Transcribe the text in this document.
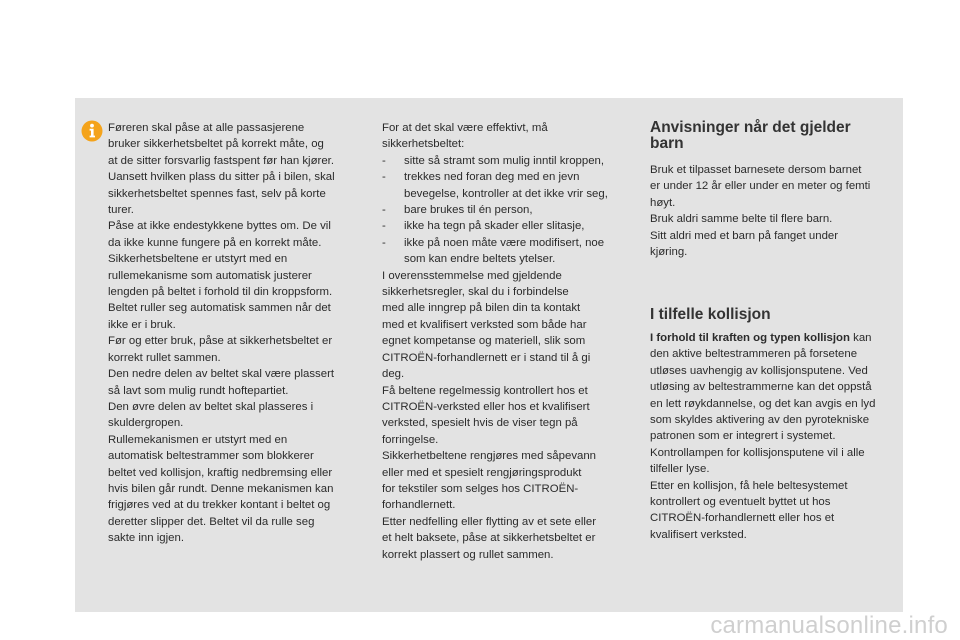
Føreren skal påse at alle passasjerene

bruker sikkerhetsbeltet på korrekt måte, og

at de sitter forsvarlig fastspent før han kjører.

Uansett hvilken plass du sitter på i bilen, skal

sikkerhetsbeltet spennes fast, selv på korte

turer.

Påse at ikke endestykkene byttes om. De vil

da ikke kunne fungere på en korrekt måte.

Sikkerhetsbeltene er utstyrt med en

rullemekanisme som automatisk justerer

lengden på beltet i forhold til din kroppsform.

Beltet ruller seg automatisk sammen når det

ikke er i bruk.

Før og etter bruk, påse at sikkerhetsbeltet er

korrekt rullet sammen.

Den nedre delen av beltet skal være plassert

så lavt som mulig rundt hoftepartiet.

Den øvre delen av beltet skal plasseres i

skuldergropen.

Rullemekanismen er utstyrt med en

automatisk beltestrammer som blokkerer

beltet ved kollisjon, kraftig nedbremsing eller

hvis bilen går rundt. Denne mekanismen kan

frigjøres ved at du trekker kontant i beltet og

deretter slipper det. Beltet vil da rulle seg

sakte inn igjen.

For at det skal være effektivt, må

sikkerhetsbeltet:

- sitte så stramt som mulig inntil kroppen,

- trekkes ned foran deg med en jevn

bevegelse, kontroller at det ikke vrir seg,

- bare brukes til én person,

- ikke ha tegn på skader eller slitasje,

- ikke på noen måte være modifisert, noe

som kan endre beltets ytelser.

I overensstemmelse med gjeldende

sikkerhetsregler, skal du i forbindelse

med alle inngrep på bilen din ta kontakt

med et kvalifisert verksted som både har

egnet kompetanse og materiell, slik som

CITROËN-forhandlernett er i stand til å gi

deg.

Få beltene regelmessig kontrollert hos et

CITROËN-verksted eller hos et kvalifisert

verksted, spesielt hvis de viser tegn på

forringelse.

Sikkerhetbeltene rengjøres med såpevann

eller med et spesielt rengjøringsprodukt

for tekstiler som selges hos CITROËN-

forhandlernett.

Etter nedfelling eller flytting av et sete eller

et helt baksete, påse at sikkerhetsbeltet er

korrekt plassert og rullet sammen.

Anvisninger når det gjelder
barn

Bruk et tilpasset barnesete dersom barnet

er under 12 år eller under en meter og femti

høyt.

Bruk aldri samme belte til flere barn.

Sitt aldri med et barn på fanget under

kjøring.

I tilfelle kollisjon

I forhold til kraften og typen kollisjon kan

den aktive beltestrammeren på forsetene

utløses uavhengig av kollisjonsputene. Ved

utløsing av beltestrammerne kan det oppstå

en lett røykdannelse, og det kan avgis en lyd

som skyldes aktivering av den pyrotekniske

patronen som er integrert i systemet.

Kontrollampen for kollisjonsputene vil i alle

tilfeller lyse.

Etter en kollisjon, få hele beltesystemet

kontrollert og eventuelt byttet ut hos

CITROËN-forhandlernett eller hos et

kvalifisert verksted.

carmanualsonline.info
